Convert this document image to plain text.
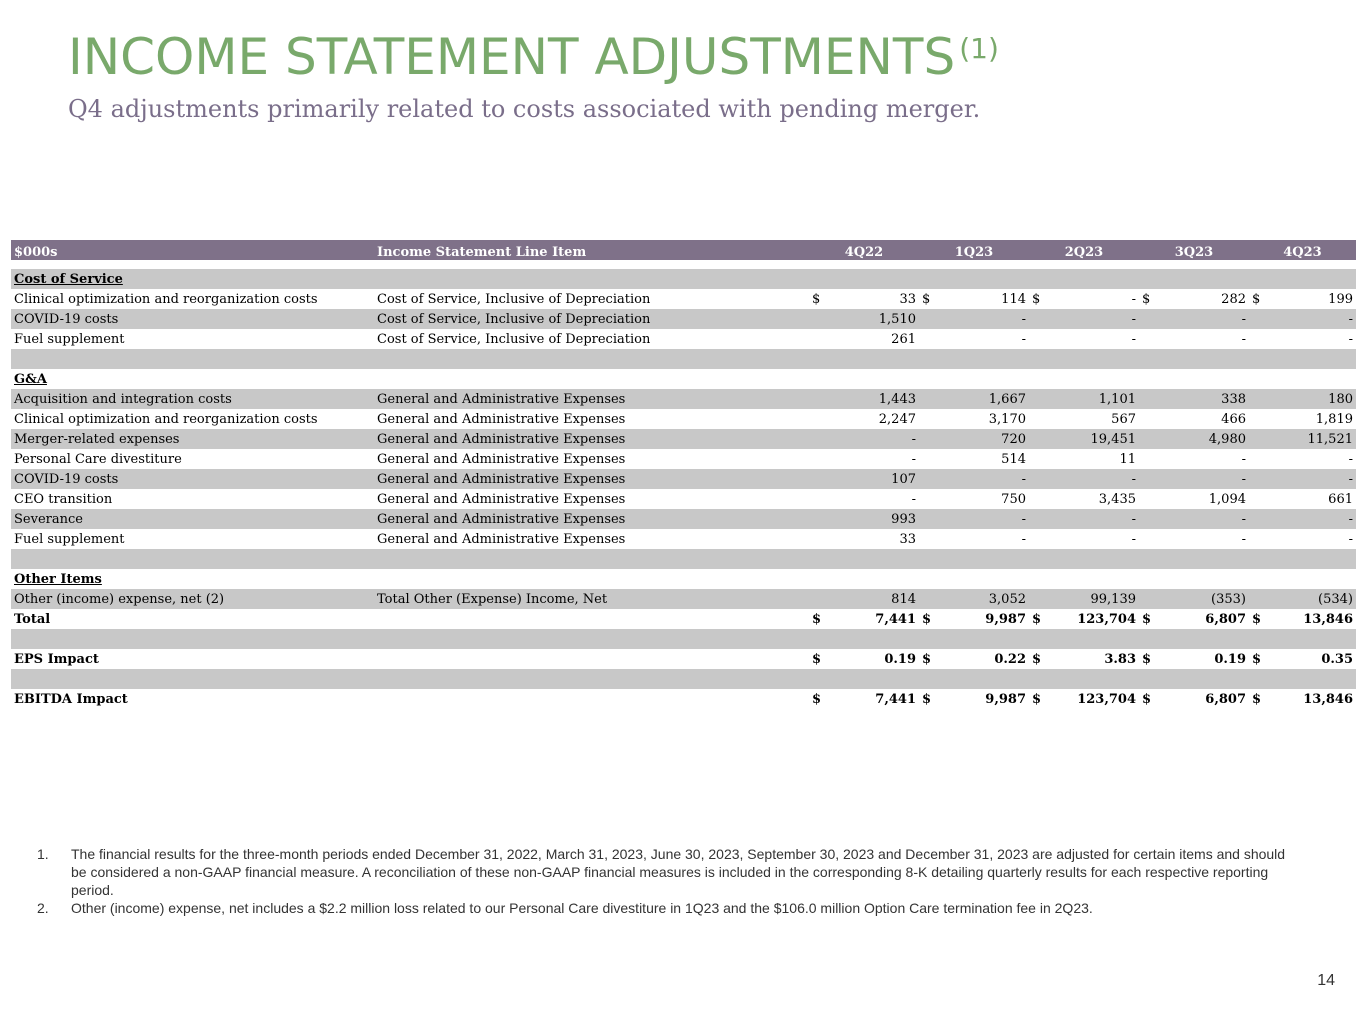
INCOME STATEMENT ADJUSTMENTS $^{(1)}$

Q4 adjustments primarily related to costs associated with pending merger.

$000s	Income Statement Line Item	4Q22		1Q23		2Q23		3Q23		4Q23	

Cost of Service											
Clinical optimization and reorganization costs	Cost of Service, Inclusive of Depreciation	$	33	$	114	$	-	$	282	$	199
COVID-19 costs	Cost of Service, Inclusive of Depreciation		1,510		-		-		-		-
Fuel supplement	Cost of Service, Inclusive of Depreciation		261		-		-		-		-

G&A											
Acquisition and integration costs	General and Administrative Expenses		1,443		1,667		1,101		338		180
Clinical optimization and reorganization costs	General and Administrative Expenses		2,247		3,170		567		466		1,819
Merger-related expenses	General and Administrative Expenses		-		720		19,451		4,980		11,521
Personal Care divestiture	General and Administrative Expenses		-		514		11		-		-
COVID-19 costs	General and Administrative Expenses		107		-		-		-		-
CEO transition	General and Administrative Expenses		-		750		3,435		1,094		661
Severance	General and Administrative Expenses		993		-		-		-		-
Fuel supplement	General and Administrative Expenses		33		-		-		-		-

Other Items											
Other (income) expense, net (2)	Total Other (Expense) Income, Net		814		3,052		99,139		(353)		(534)
Total		$	7,441	$	9,987	$	123,704	$	6,807	$	13,846

EPS Impact		$	0.19	$	0.22	$	3.83	$	0.19	$	0.35

EBITDA Impact		$	7,441	$	9,987	$	123,704	$	6,807	$	13,846
1.	The financial results for the three-month periods ended December 31, 2022, March 31, 2023, June 30, 2023, September 30, 2023 and December 31, 2023 are adjusted for certain items and should be considered a non-GAAP financial measure. A reconciliation of these non-GAAP financial measures is included in the corresponding 8-K detailing quarterly results for each respective reporting period.
2.	Other (income) expense, net includes a $2.2 million loss related to our Personal Care divestiture in 1Q23 and the $106.0 million Option Care termination fee in 2Q23.
14
